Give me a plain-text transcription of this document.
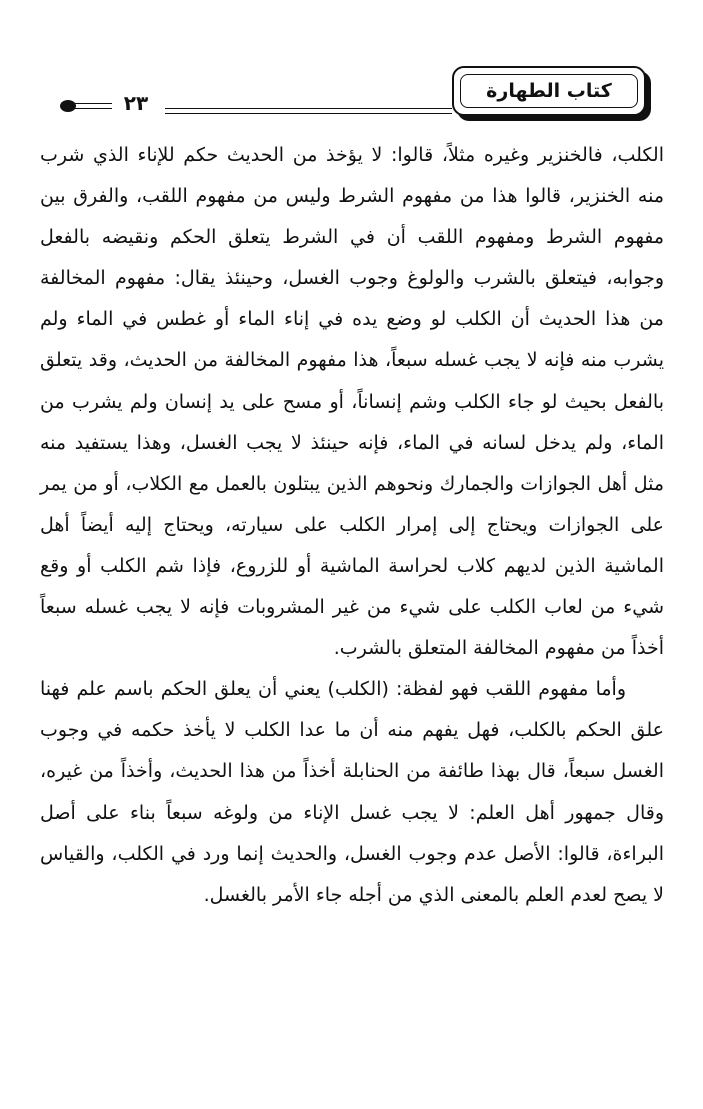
كتاب الطهارة
٢٣

الكلب، فالخنزير وغيره مثلاً، قالوا: لا يؤخذ من الحديث حكم للإناء الذي شرب منه الخنزير، قالوا هذا من مفهوم الشرط وليس من مفهوم اللقب، والفرق بين مفهوم الشرط ومفهوم اللقب أن في الشرط يتعلق الحكم ونقيضه بالفعل وجوابه، فيتعلق بالشرب والولوغ وجوب الغسل، وحينئذ يقال: مفهوم المخالفة من هذا الحديث أن الكلب لو وضع يده في إناء الماء أو غطس في الماء ولم يشرب منه فإنه لا يجب غسله سبعاً، هذا مفهوم المخالفة من الحديث، وقد يتعلق بالفعل بحيث لو جاء الكلب وشم إنساناً، أو مسح على يد إنسان ولم يشرب من الماء، ولم يدخل لسانه في الماء، فإنه حينئذ لا يجب الغسل، وهذا يستفيد منه مثل أهل الجوازات والجمارك ونحوهم الذين يبتلون بالعمل مع الكلاب، أو من يمر على الجوازات ويحتاج إلى إمرار الكلب على سيارته، ويحتاج إليه أيضاً أهل الماشية الذين لديهم كلاب لحراسة الماشية أو للزروع، فإذا شم الكلب أو وقع شيء من لعاب الكلب على شيء من غير المشروبات فإنه لا يجب غسله سبعاً أخذاً من مفهوم المخالفة المتعلق بالشرب.

وأما مفهوم اللقب فهو لفظة: (الكلب) يعني أن يعلق الحكم باسم علم فهنا علق الحكم بالكلب، فهل يفهم منه أن ما عدا الكلب لا يأخذ حكمه في وجوب الغسل سبعاً، قال بهذا طائفة من الحنابلة أخذاً من هذا الحديث، وأخذاً من غيره، وقال جمهور أهل العلم: لا يجب غسل الإناء من ولوغه سبعاً بناء على أصل البراءة، قالوا: الأصل عدم وجوب الغسل، والحديث إنما ورد في الكلب، والقياس لا يصح لعدم العلم بالمعنى الذي من أجله جاء الأمر بالغسل.
